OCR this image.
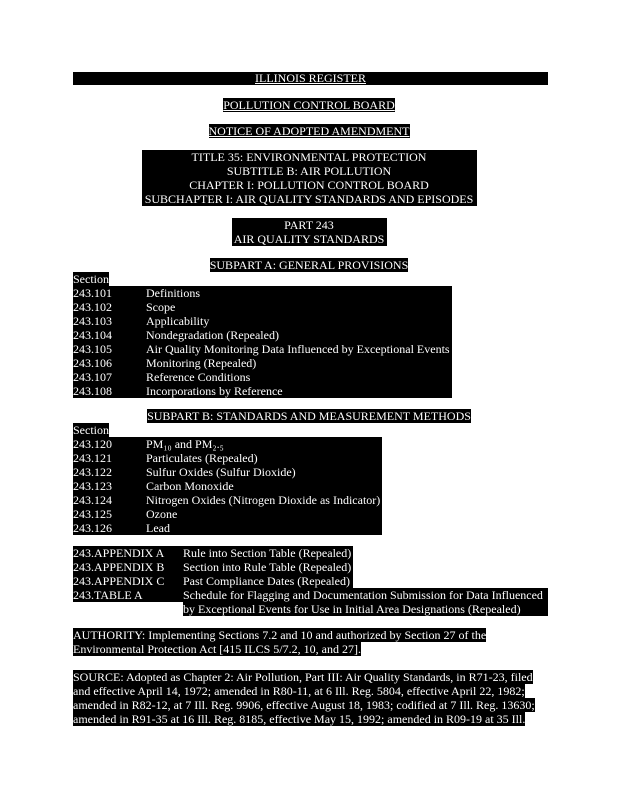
ILLINOIS REGISTER
POLLUTION CONTROL BOARD
NOTICE OF ADOPTED AMENDMENT
TITLE 35: ENVIRONMENTAL PROTECTION
SUBTITLE B: AIR POLLUTION
CHAPTER I: POLLUTION CONTROL BOARD
SUBCHAPTER I: AIR QUALITY STANDARDS AND EPISODES
PART 243
AIR QUALITY STANDARDS
SUBPART A: GENERAL PROVISIONS
Section
243.101	Definitions
243.102	Scope
243.103	Applicability
243.104	Nondegradation (Repealed)
243.105	Air Quality Monitoring Data Influenced by Exceptional Events
243.106	Monitoring (Repealed)
243.107	Reference Conditions
243.108	Incorporations by Reference
SUBPART B: STANDARDS AND MEASUREMENT METHODS
Section
243.120	PM₁₀ and PM₂.₅
243.121	Particulates (Repealed)
243.122	Sulfur Oxides (Sulfur Dioxide)
243.123	Carbon Monoxide
243.124	Nitrogen Oxides (Nitrogen Dioxide as Indicator)
243.125	Ozone
243.126	Lead
243.APPENDIX A	Rule into Section Table (Repealed)
243.APPENDIX B	Section into Rule Table (Repealed)
243.APPENDIX C	Past Compliance Dates (Repealed)
243.TABLE A	Schedule for Flagging and Documentation Submission for Data Influenced
by Exceptional Events for Use in Initial Area Designations (Repealed)
AUTHORITY: Implementing Sections 7.2 and 10 and authorized by Section 27 of the
Environmental Protection Act [415 ILCS 5/7.2, 10, and 27].
SOURCE: Adopted as Chapter 2: Air Pollution, Part III: Air Quality Standards, in R71-23, filed
and effective April 14, 1972; amended in R80-11, at 6 Ill. Reg. 5804, effective April 22, 1982;
amended in R82-12, at 7 Ill. Reg. 9906, effective August 18, 1983; codified at 7 Ill. Reg. 13630;
amended in R91-35 at 16 Ill. Reg. 8185, effective May 15, 1992; amended in R09-19 at 35 Ill.
